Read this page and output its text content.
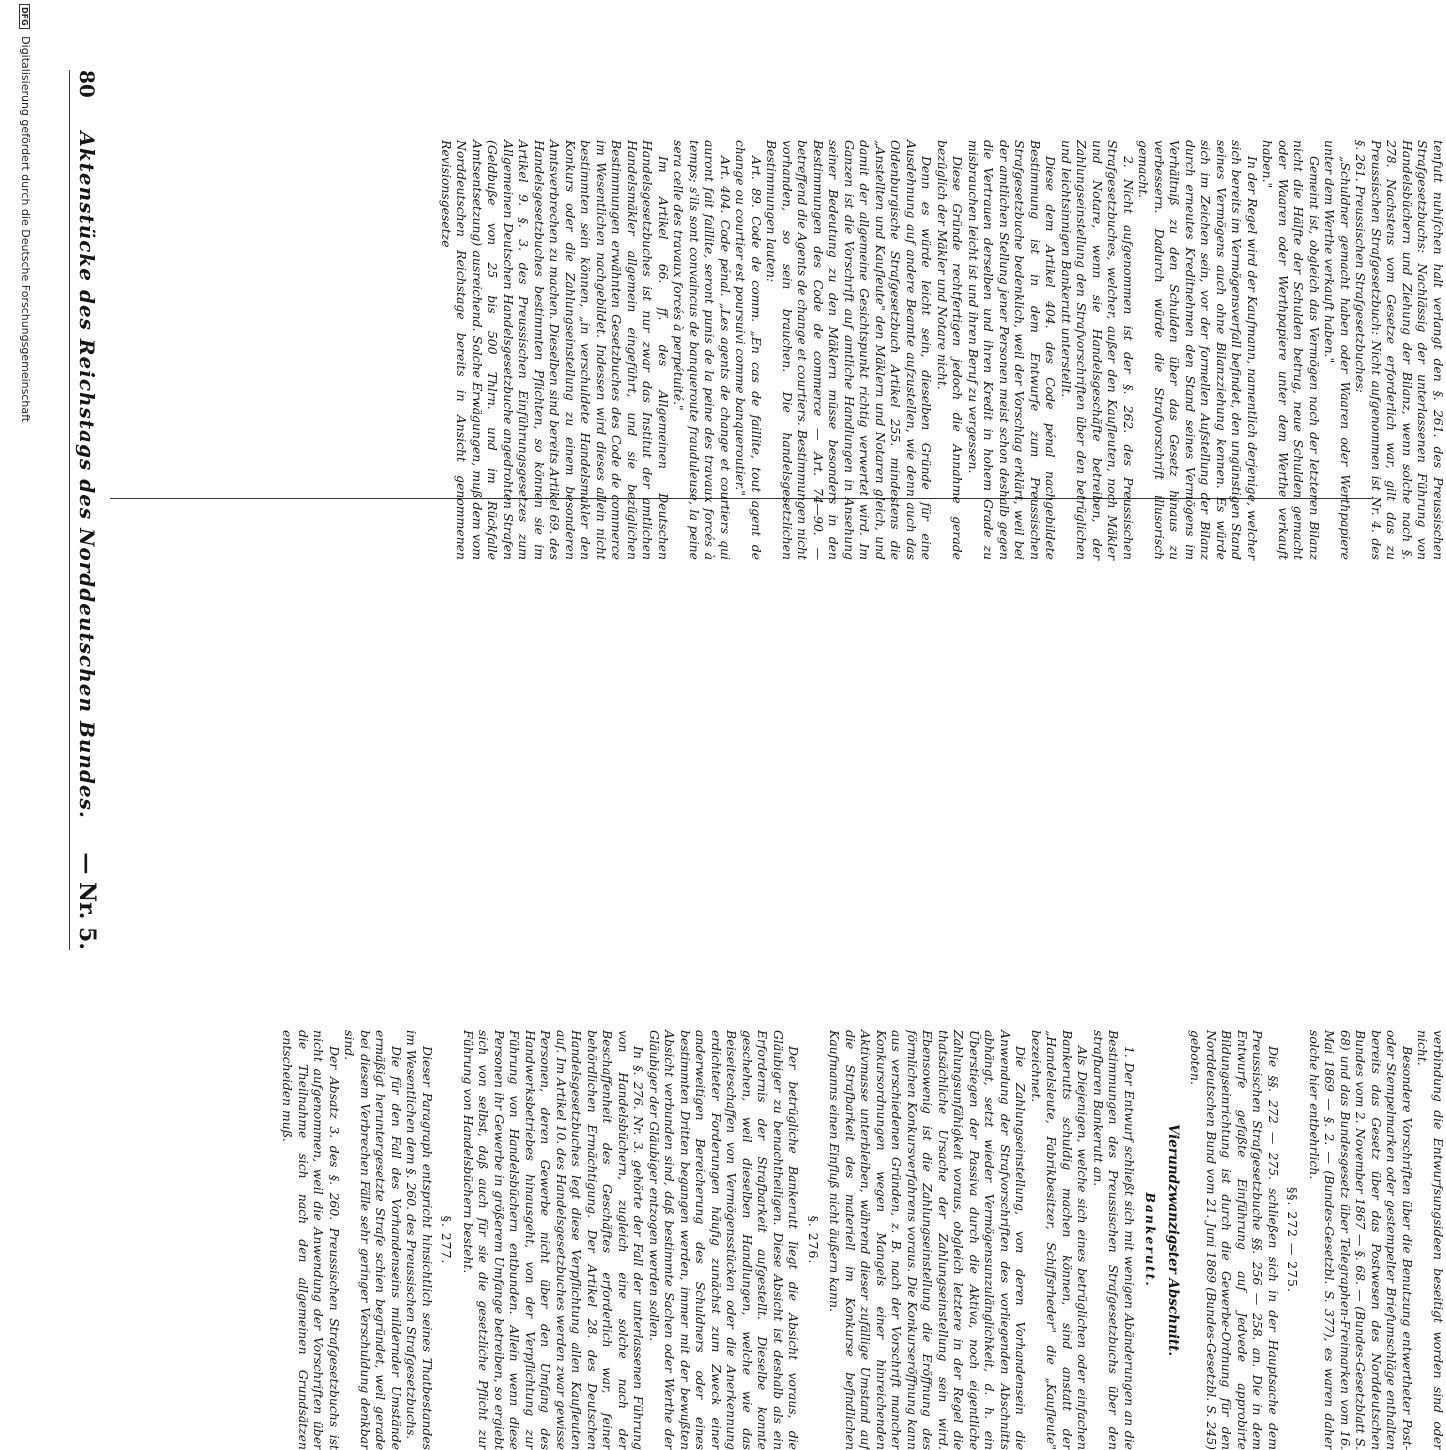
80
Aktenstücke des Reichstags des Norddeutschen Bundes.
— Nr. 5.

tenfutt nuhifchen halt verlangt den §. 261. des Preussischen Strafgesetzbuchs: Nachlässig der unterlassenen Führung von Handelsbüchern und Ziehung der Bilanz, wenn solche nach §. 278. Nachstens vom Gesetze erforderlich war, gilt das zu Preussischen Strafgesetzbuch: Nicht aufgenommen ist Nr. 4. des §. 261. Preussischen Strafgesetzbuches:

„Schuldner gemacht haben oder Waaren oder Werthpapiere unter dem Werthe verkauft haben."

Gemeint ist, obgleich das Vermögen nach der letzteren Bilanz nicht die Hälfte der Schulden betrug, neue Schulden gemacht oder Waaren oder Werthpapiere unter dem Werthe verkauft haben."

In der Regel wird der Kaufmann, namentlich derjenige, welcher sich bereits im Vermögensverfall befindet, den ungünstigen Stand seines Vermögens auch ohne Bilanzziehung kennen. Es würde sich im Zeichen sein, vor der formellen Aufstellung der Bilanz durch erneutes Kreditnehmen den Stand seines Vermögens im Verhältniß zu den Schulden über das Gesetz hinaus zu verbessern. Dadurch würde die Strafvorschrift illusorisch gemacht.

2. Nicht aufgenommen ist der §. 262. des Preussischen Strafgesetzbuches, welcher, außer den Kaufleuten, noch Mäkler und Notare, wenn sie Handelsgeschäfte betreiben, der Zahlungseinstellung den Strafvorschriften über den betrüglichen und leichtsinnigen Bankerutt unterstellt.

Diese dem Artikel 404. des Code pénal nachgebildete Bestimmung ist in dem Entwurfe zum Preussischen Strafgesetzbuche bedenklich, weil der Vorschlag erklärt, weil bei der amtlichen Stellung jener Personen meist schon deshalb gegen die Vertrauen derselben und ihren Kredit in hohem Grade zu misbrauchen leicht ist und ihren Beruf zu vergessen.

Diese Gründe rechtfertigen jedoch die Annahme gerade bezüglich der Mäkler und Notare nicht.

Denn es würde leicht sein, dieselben Gründe für eine Ausdehnung auf andere Beamte aufzustellen, wie denn auch das Oldenburgische Strafgesetzbuch Artikel 255. mindestens die „Anstellten und Kaufleute" den Mäklern und Notaren gleich, und damit der allgemeine Gesichtspunkt richtig verwertet wird. Im Ganzen ist die Vorschrift auf amtliche Handlungen in Ansehung seiner Bedeutung zu den Mäklern müsse besonders in den Bestimmungen des Code de commerce — Art. 74—90. — betreffend die Agents de change et courtiers. Bestimmungen nicht vorhanden, so sein brauchen. Die handelsgesetzlichen Bestimmungen lauten:

Art. 89. Code de comm. „En cas de faillite, tout agent de change ou courtier est poursuivi comme banqueroutier."

Art. 404. Code pénal. „Les agents de change et courtiers qui auront fait faillite, seront punis de la peine des travaux forcés à temps; s'ils sont convaincus de banqueroute frauduleuse, la peine sera celle des travaux forcés à perpétuité."

Im Artikel 66. ff. des Allgemeinen Deutschen Handelsgesetzbuches ist nur zwar das Institut der amtlichen Handelsmäkler allgemein eingeführt, und sie bezüglichen Bestimmungen erwähnten Gesetzbuches des Code de commerce im Wesentlichen nachgebildet. Indessen wird dieses allein nicht bestimmten sein können, „in verschuldete Handelsmakler den Konkurs oder die Zahlungseinstellung zu einem besonderen Amtsverbrechen zu machen. Dieselben sind bereits Artikel 69. des Handelsgesetzbuches bestimmten Pflichten, so können sie im Artikel 9. §. 3. des Preussischen Einführungsgesetzes zum Allgemeinen Deutschen Handelsgesetzbuche angedrohten Strafen (Geldbuße von 25 bis 500 Thlrn. und im Rückfalle Amtsentsetzung) ausreichend. Solche Erwägungen, muß dem vom Norddeutschen Reichstage bereits in Ansicht genommenen Revisionsgesetze

verbindung die Entwurfsungsideen beseitigt worden sind oder nicht.

Besondere Vorschriften über die Benutzung entwertheter Post- oder Stempelmarken oder gestempelter Briefumschläge enthalten bereits das Gesetz über das Postwesen des Norddeutschen Bundes vom 2. November 1867 — §. 68. — (Bundes-Gesetzblatt S. 68) und das Bundesgesetz über Telegraphen-Freimarken vom 16. Mai 1869 — §. 2. — (Bundes-Gesetzbl. S. 377), es waren daher solche hier entbehrlich.

§§. 272 — 275.

Die §§. 272 — 275. schließen sich in der Hauptsache dem Preussischen Strafgesetzbuche §§. 256 — 258. an. Die in dem Entwurfe gefaßte Einführung auf Jedvede approbirte Bildungseinrichtung ist durch die Gewerbe-Ordnung für den Norddeutschen Bund vom 21. Juni 1869 (Bundes-Gesetzbl. S. 245) geboten.

Vierundzwanzigster Abschnitt.
Bankerutt.

1. Der Entwurf schließt sich mit wenigen Abänderungen an die Bestimmungen des Preussischen Strafgesetzbuchs über den strafbaren Bankerutt an.

Als Diejenigen, welche sich eines betrüglichen oder einfachen Bankerutts schuldig machen können, sind anstatt der „Handelsleute, Fabrikbesitzer, Schiffsrheder" die „Kaufleute" bezeichnet.

Die Zahlungseinstellung, von deren Vorhandensein die Anwendung der Strafvorschriften des vorliegenden Abschnitts abhängt, setzt wieder Vermögensunzulänglichkeit, d. h. ein Überstiegen der Passiva durch die Aktiva, noch eigentliche Zahlungsunfähigkeit voraus, obgleich letztere in der Regel die thatsächliche Ursache der Zahlungseinstellung sein wird. Ebensowenig ist die Zahlungseinstellung die Eröffnung des förmlichen Konkursverfahrens voraus. Die Konkurseröffnung kann aus verschiedenen Gründen, z. B. nach der Vorschrift mancher Konkursordnungen wegen Mangels einer hinreichenden Aktivmasse unterbleiben, während dieser zufällige Umstand auf die Strafbarkeit des materiell im Konkurse befindlichen Kaufmanns einen Einfluß nicht äußern kann.

§. 276.

Der betrügliche Bankerutt liegt die Absicht voraus, die Gläubiger zu benachtheiligen. Diese Absicht ist deshalb als ein Erfordernis der Strafbarkeit aufgestellt. Dieselbe konnte geschehen, weil dieselben Handlungen, welche wie das Beiseiteschaffen von Vermögensstücken oder die Anerkennung erdichteter Forderungen häufig zunächst zum Zweck einer anderweitigen Bereicherung des Schuldners oder eines bestimmten Dritten begangen werden, immer mit der bewußten Absicht verbunden sind, daß bestimmte Sachen oder Werthe der Gläubiger der Gläubiger entzogen werden sollen.

In §. 276. Nr. 3. gehörte der Fall der unterlassenen Führung von Handelsbüchern, zugleich eine solche nach der Beschaffenheit des Geschäftes erforderlich war, feiner behördlichen Ermächtigung. Der Artikel 28. des Deutschen Handelsgesetzbuches legt diese Verpflichtung allen Kaufleuten auf. Im Artikel 10. des Handelsgesetzbuches werden zwar gewisse Personen, deren Gewerbe nicht über den Umfang des Handwerksbetriebes hinausgeht, von der Verpflichtung zur Führung von Handelsbüchern entbunden. Allein wenn diese Personen ihr Gewerbe in größerem Umfange betreiben, so ergiebt sich von selbst, daß auch für sie die gesetzliche Pflicht zur Führung von Handelsbüchern besteht.

§. 277.

Dieser Paragraph entspricht hinsichtlich seines Thatbestandes im Wesentlichen dem §. 260. des Preussischen Strafgesetzbuchs.

Die für den Fall des Vorhandenseins mildernder Umstände ermäßigt heruntergesetzte Strafe schien begründet, weil gerade bei diesem Verbrechen Fälle sehr geringer Verschuldung denkbar sind.

Der Absatz 3. des §. 260. Preussischen Strafgesetzbuchs ist nicht aufgenommen, weil die Anwendung der Vorschriften über die Theilnahme sich nach den allgemeinen Grundsätzen entscheiden muß.

DFG Digitalisierung gefördert durch die Deutsche Forschungsgemeinschaft
